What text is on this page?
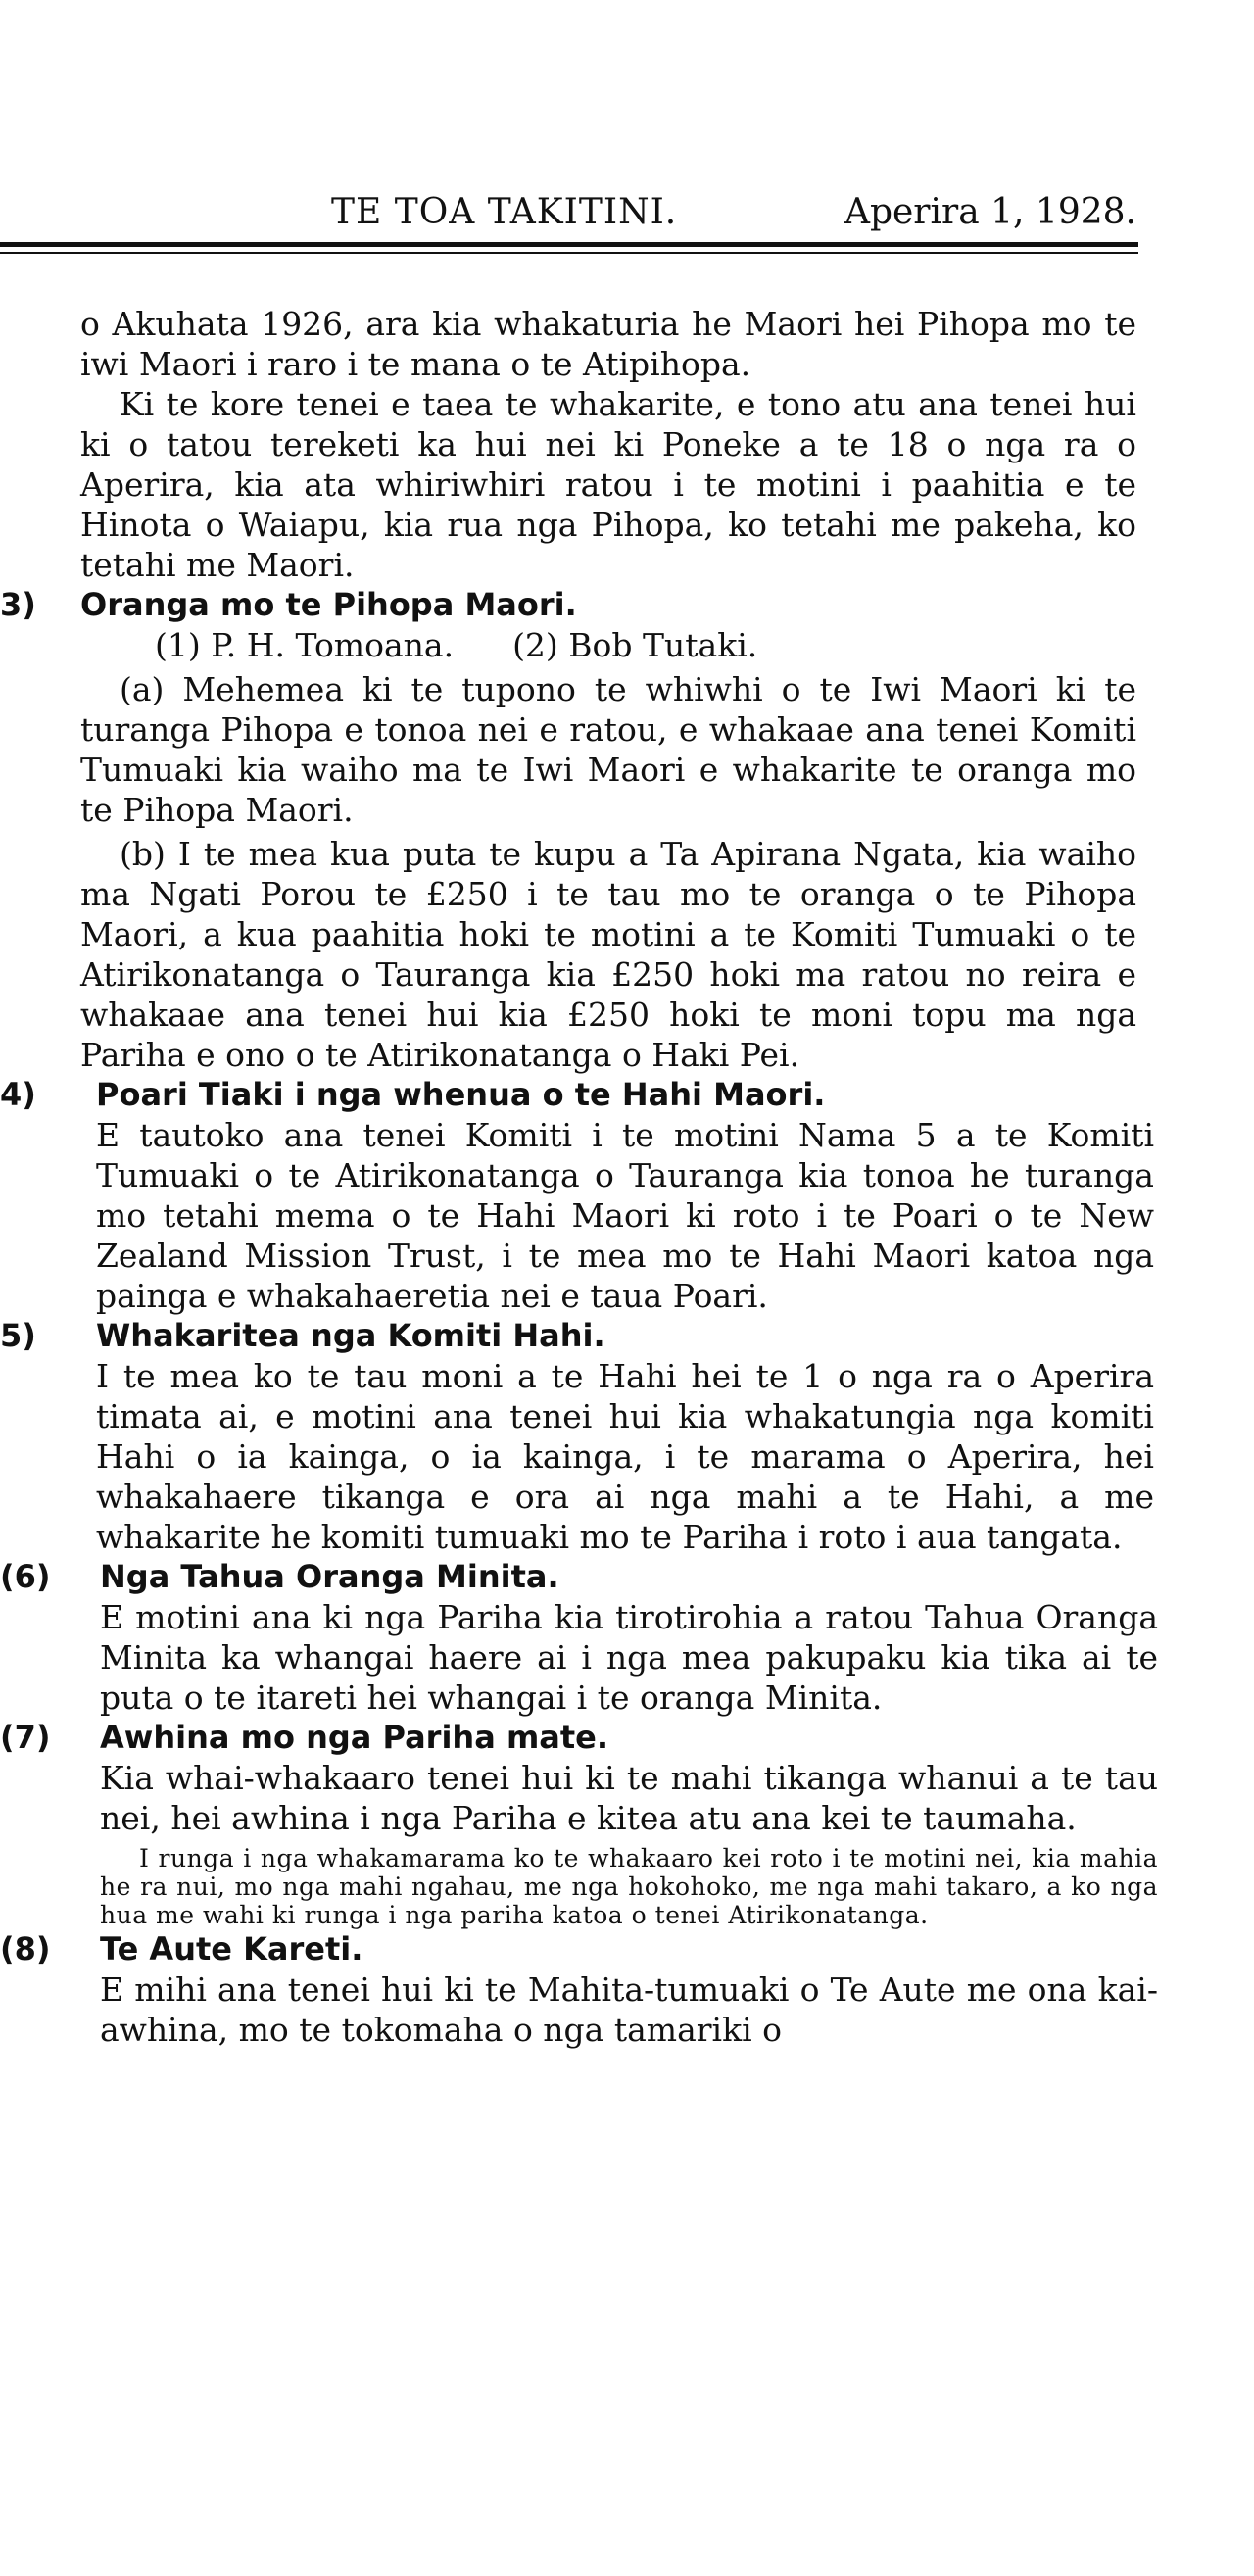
TE TOA TAKITINI.	Aperira 1, 1928.

o Akuhata 1926, ara kia whakaturia he Maori hei Pihopa mo te iwi Maori i raro i te mana o te Atipihopa.

Ki te kore tenei e taea te whakarite, e tono atu ana tenei hui ki o tatou tereketi ka hui nei ki Poneke a te 18 o nga ra o Aperira, kia ata whiriwhiri ratou i te motini i paahitia e te Hinota o Waiapu, kia rua nga Pihopa, ko tetahi me pakeha, ko tetahi me Maori.

3)	Oranga mo te Pihopa Maori.

(1) P. H. Tomoana. (2) Bob Tutaki.

(a) Mehemea ki te tupono te whiwhi o te Iwi Maori ki te turanga Pihopa e tonoa nei e ratou, e whakaae ana tenei Komiti Tumuaki kia waiho ma te Iwi Maori e whakarite te oranga mo te Pihopa Maori.

(b) I te mea kua puta te kupu a Ta Apirana Ngata, kia waiho ma Ngati Porou te £250 i te tau mo te oranga o te Pihopa Maori, a kua paahitia hoki te motini a te Komiti Tumuaki o te Atirikonatanga o Tauranga kia £250 hoki ma ratou no reira e whakaae ana tenei hui kia £250 hoki te moni topu ma nga Pariha e ono o te Atirikonatanga o Haki Pei.

4)	Poari Tiaki i nga whenua o te Hahi Maori.

E tautoko ana tenei Komiti i te motini Nama 5 a te Komiti Tumuaki o te Atirikonatanga o Tauranga kia tonoa he turanga mo tetahi mema o te Hahi Maori ki roto i te Poari o te New Zealand Mission Trust, i te mea mo te Hahi Maori katoa nga painga e whakahaeretia nei e taua Poari.

5)	Whakaritea nga Komiti Hahi.

I te mea ko te tau moni a te Hahi hei te 1 o nga ra o Aperira timata ai, e motini ana tenei hui kia whakatungia nga komiti Hahi o ia kainga, o ia kainga, i te marama o Aperira, hei whakahaere tikanga e ora ai nga mahi a te Hahi, a me whakarite he komiti tumuaki mo te Pariha i roto i aua tangata.

(6)	Nga Tahua Oranga Minita.

E motini ana ki nga Pariha kia tirotirohia a ratou Tahua Oranga Minita ka whangai haere ai i nga mea pakupaku kia tika ai te puta o te itareti hei whangai i te oranga Minita.

(7)	Awhina mo nga Pariha mate.

Kia whai-whakaaro tenei hui ki te mahi tikanga whanui a te tau nei, hei awhina i nga Pariha e kitea atu ana kei te taumaha.

I runga i nga whakamarama ko te whakaaro kei roto i te motini nei, kia mahia he ra nui, mo nga mahi ngahau, me nga hokohoko, me nga mahi takaro, a ko nga hua me wahi ki runga i nga pariha katoa o tenei Atirikonatanga.

(8)	Te Aute Kareti.

E mihi ana tenei hui ki te Mahita-tumuaki o Te Aute me ona kai-awhina, mo te tokomaha o nga tamariki o
